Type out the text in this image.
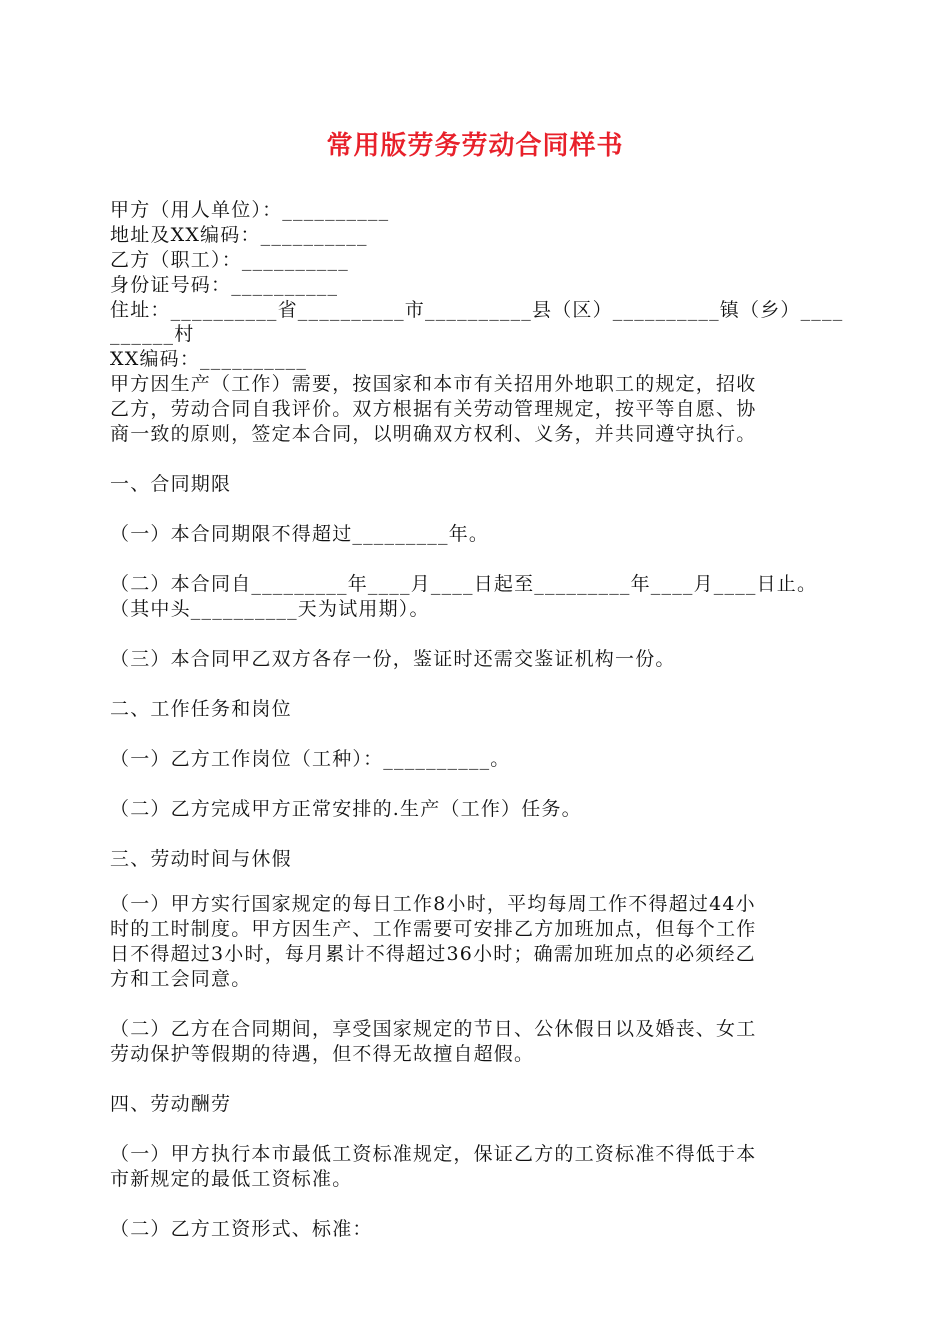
常用版劳务劳动合同样书
甲方（用人单位）：__________
地址及XX编码：__________
乙方（职工）：__________
身份证号码：__________
住址：__________省__________市__________县（区）__________镇（乡）____
______村
XX编码：__________
甲方因生产（工作）需要，按国家和本市有关招用外地职工的规定，招收
乙方，劳动合同自我评价。双方根据有关劳动管理规定，按平等自愿、协
商一致的原则，签定本合同，以明确双方权利、义务，并共同遵守执行。
一、合同期限
（一）本合同期限不得超过_________年。
（二）本合同自_________年____月____日起至_________年____月____日止。
（其中头__________天为试用期）。
（三）本合同甲乙双方各存一份，鉴证时还需交鉴证机构一份。
二、工作任务和岗位
（一）乙方工作岗位（工种）：__________。
（二）乙方完成甲方正常安排的.生产（工作）任务。
三、劳动时间与休假
（一）甲方实行国家规定的每日工作8小时，平均每周工作不得超过44小
时的工时制度。甲方因生产、工作需要可安排乙方加班加点，但每个工作
日不得超过3小时，每月累计不得超过36小时；确需加班加点的必须经乙
方和工会同意。
（二）乙方在合同期间，享受国家规定的节日、公休假日以及婚丧、女工
劳动保护等假期的待遇，但不得无故擅自超假。
四、劳动酬劳
（一）甲方执行本市最低工资标准规定，保证乙方的工资标准不得低于本
市新规定的最低工资标准。
（二）乙方工资形式、标准：
